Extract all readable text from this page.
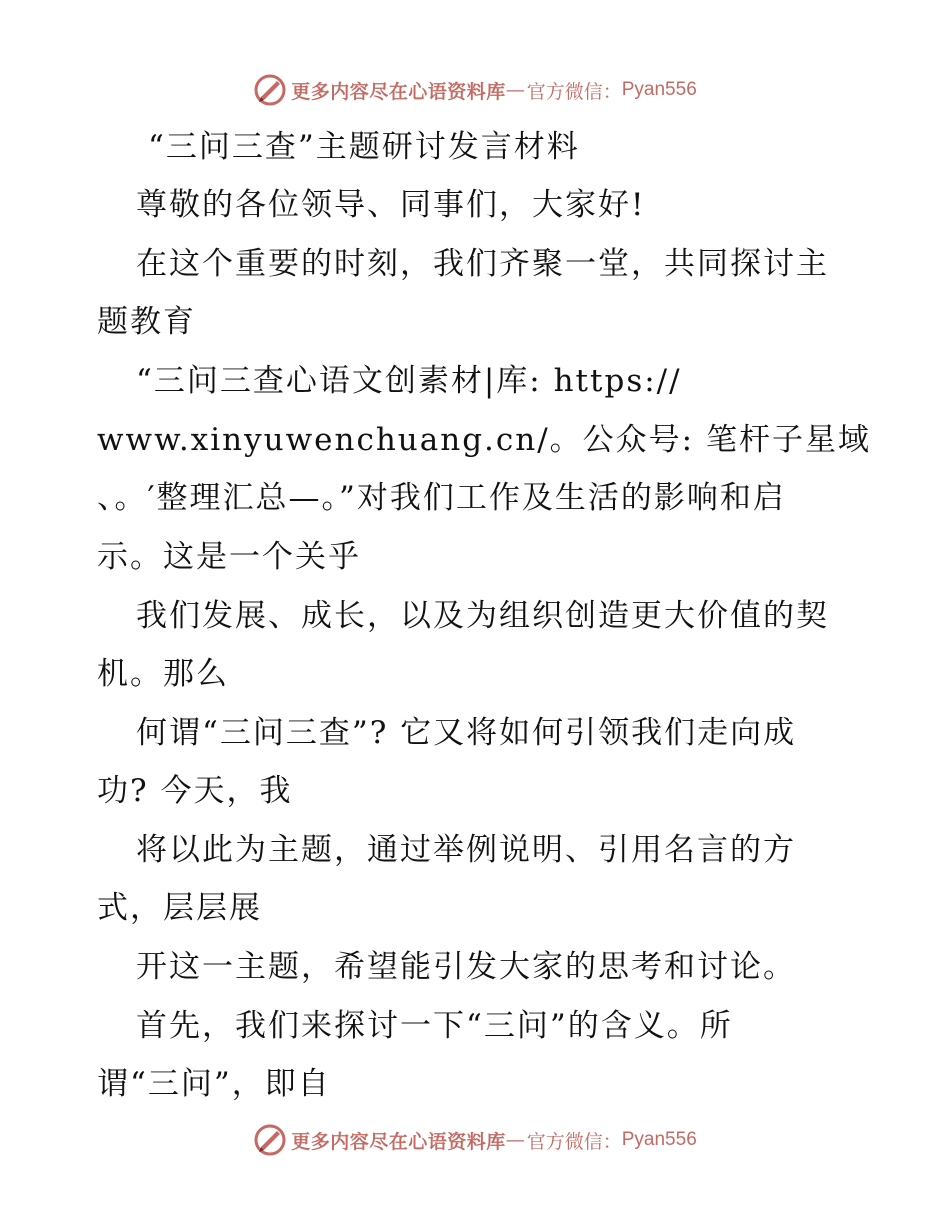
更多内容尽在心语资料库 — 官方微信： Pyan556
“三问三查”主题研讨发言材料
尊敬的各位领导、同事们，大家好!
在这个重要的时刻，我们齐聚一堂，共同探讨主
题教育
“三问三查心语文创素材|库: https://
www.xinyuwenchuang.cn/。公众号: 笔杆子星域
、。′整理汇总—。”对我们工作及生活的影响和启
示。这是一个关乎
我们发展、成长，以及为组织创造更大价值的契
机。那么
何谓“三问三查”? 它又将如何引领我们走向成
功? 今天，我
将以此为主题，通过举例说明、引用名言的方
式，层层展
开这一主题，希望能引发大家的思考和讨论。
首先，我们来探讨一下“三问”的含义。所
谓“三问”，即自
更多内容尽在心语资料库 — 官方微信： Pyan556
